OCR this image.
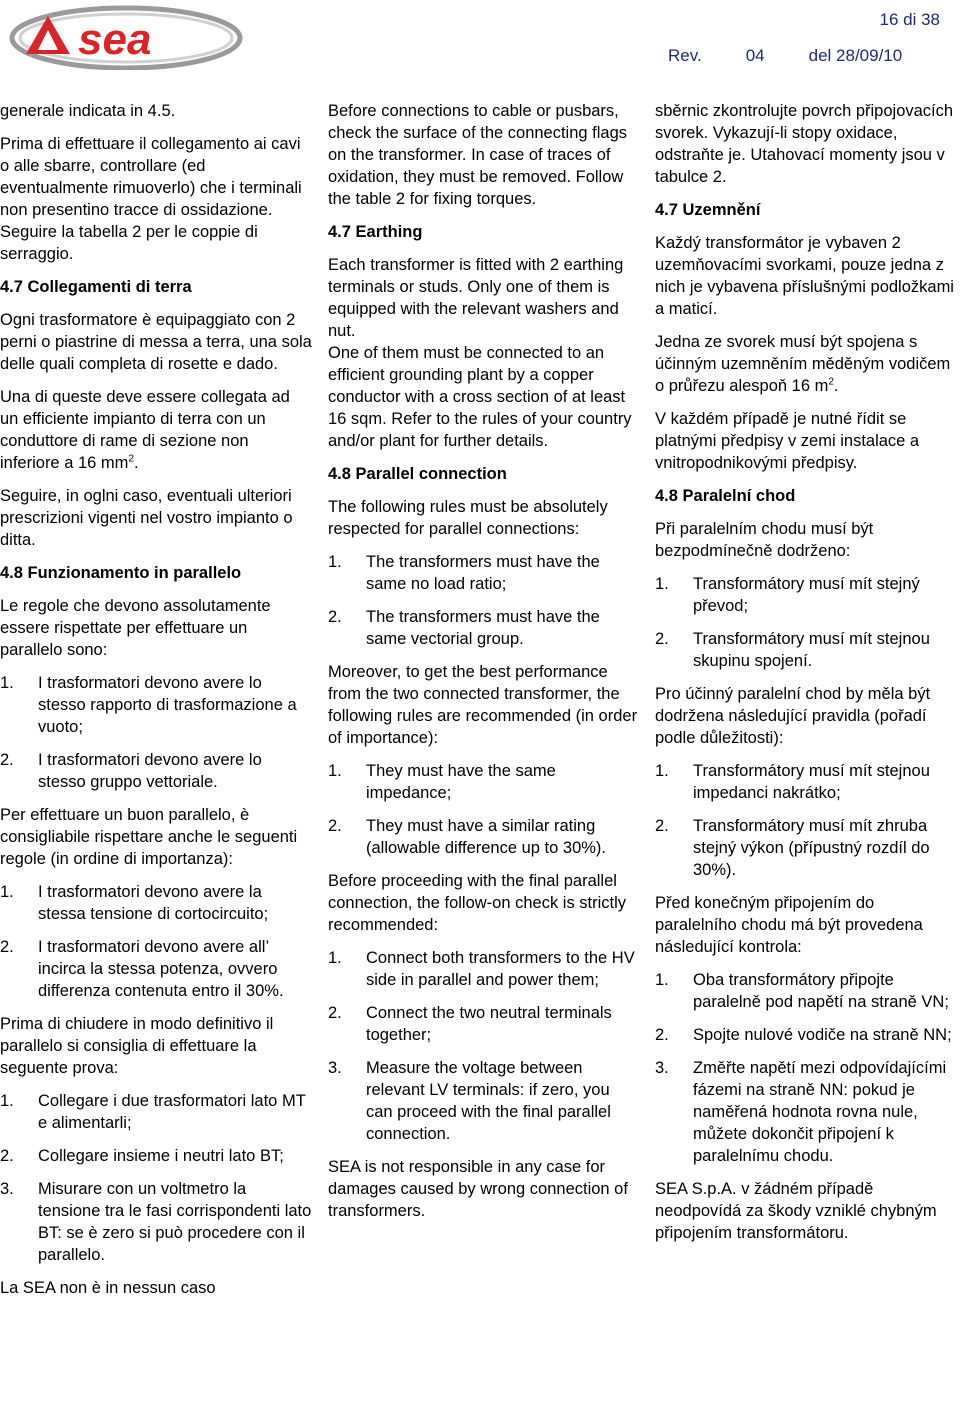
sea	16 di 38
Rev.	04	del 28/09/10

generale indicata in 4.5.

Prima di effettuare il collegamento ai cavi o alle sbarre, controllare (ed eventualmente rimuoverlo) che i terminali non presentino tracce di ossidazione. Seguire la tabella 2 per le coppie di serraggio.

4.7 Collegamenti di terra

Ogni trasformatore è equipaggiato con 2 perni o piastrine di messa a terra, una sola delle quali completa di rosette e dado.

Una di queste deve essere collegata ad un efficiente impianto di terra con un conduttore di rame di sezione non inferiore a 16 $mm^2$.

Seguire, in oglni caso, eventuali ulteriori prescrizioni vigenti nel vostro impianto o ditta.

4.8 Funzionamento in parallelo

Le regole che devono assolutamente essere rispettate per effettuare un parallelo sono:

1. I trasformatori devono avere lo stesso rapporto di trasformazione a vuoto;
2. I trasformatori devono avere lo stesso gruppo vettoriale.

Per effettuare un buon parallelo, è consigliabile rispettare anche le seguenti regole (in ordine di importanza):

1. I trasformatori devono avere la stessa tensione di cortocircuito;
2. I trasformatori devono avere all’ incirca la stessa potenza, ovvero differenza contenuta entro il 30%.

Prima di chiudere in modo definitivo il parallelo si consiglia di effettuare la seguente prova:

1. Collegare i due trasformatori lato MT e alimentarli;
2. Collegare insieme i neutri lato BT;
3. Misurare con un voltmetro la tensione tra le fasi corrispondenti lato BT: se è zero si può procedere con il parallelo.

La SEA non è in nessun caso

Before connections to cable or pusbars, check the surface of the connecting flags on the transformer. In case of traces of oxidation, they must be removed. Follow the table 2 for fixing torques.

4.7 Earthing

Each transformer is fitted with 2 earthing terminals or studs. Only one of them is equipped with the relevant washers and nut.

One of them must be connected to an efficient grounding plant by a copper conductor with a cross section of at least 16 sqm. Refer to the rules of your country and/or plant for further details.

4.8 Parallel connection

The following rules must be absolutely respected for parallel connections:

1. The transformers must have the same no load ratio;
2. The transformers must have the same vectorial group.

Moreover, to get the best performance from the two connected transformer, the following rules are recommended (in order of importance):

1. They must have the same impedance;
2. They must have a similar rating (allowable difference up to 30%).

Before proceeding with the final parallel connection, the follow-on check is strictly recommended:

1. Connect both transformers to the HV side in parallel and power them;
2. Connect the two neutral terminals together;
3. Measure the voltage between relevant LV terminals: if zero, you can proceed with the final parallel connection.

SEA is not responsible in any case for damages caused by wrong connection of transformers.

sběrnic zkontrolujte povrch připojovacích svorek. Vykazují-li stopy oxidace, odstraňte je. Utahovací momenty jsou v tabulce 2.

4.7 Uzemnění

Každý transformátor je vybaven 2 uzemňovacími svorkami, pouze jedna z nich je vybavena příslušnými podložkami a maticí.

Jedna ze svorek musí být spojena s účinným uzemněním měděným vodičem o průřezu alespoň 16 $m^2$.

V každém případě je nutné řídit se platnými předpisy v zemi instalace a vnitropodnikovými předpisy.

4.8 Paralelní chod

Při paralelním chodu musí být bezpodmínečně dodrženo:

1. Transformátory musí mít stejný převod;
2. Transformátory musí mít stejnou skupinu spojení.

Pro účinný paralelní chod by měla být dodržena následující pravidla (pořadí podle důležitosti):

1. Transformátory musí mít stejnou impedanci nakrátko;
2. Transformátory musí mít zhruba stejný výkon (přípustný rozdíl do 30%).

Před konečným připojením do paralelního chodu má být provedena následující kontrola:

1. Oba transformátory připojte paralelně pod napětí na straně VN;
2. Spojte nulové vodiče na straně NN;
3. Změřte napětí mezi odpovídajícími fázemi na straně NN: pokud je naměřená hodnota rovna nule, můžete dokončit připojení k paralelnímu chodu.

SEA S.p.A. v žádném případě neodpovídá za škody vzniklé chybným připojením transformátoru.
